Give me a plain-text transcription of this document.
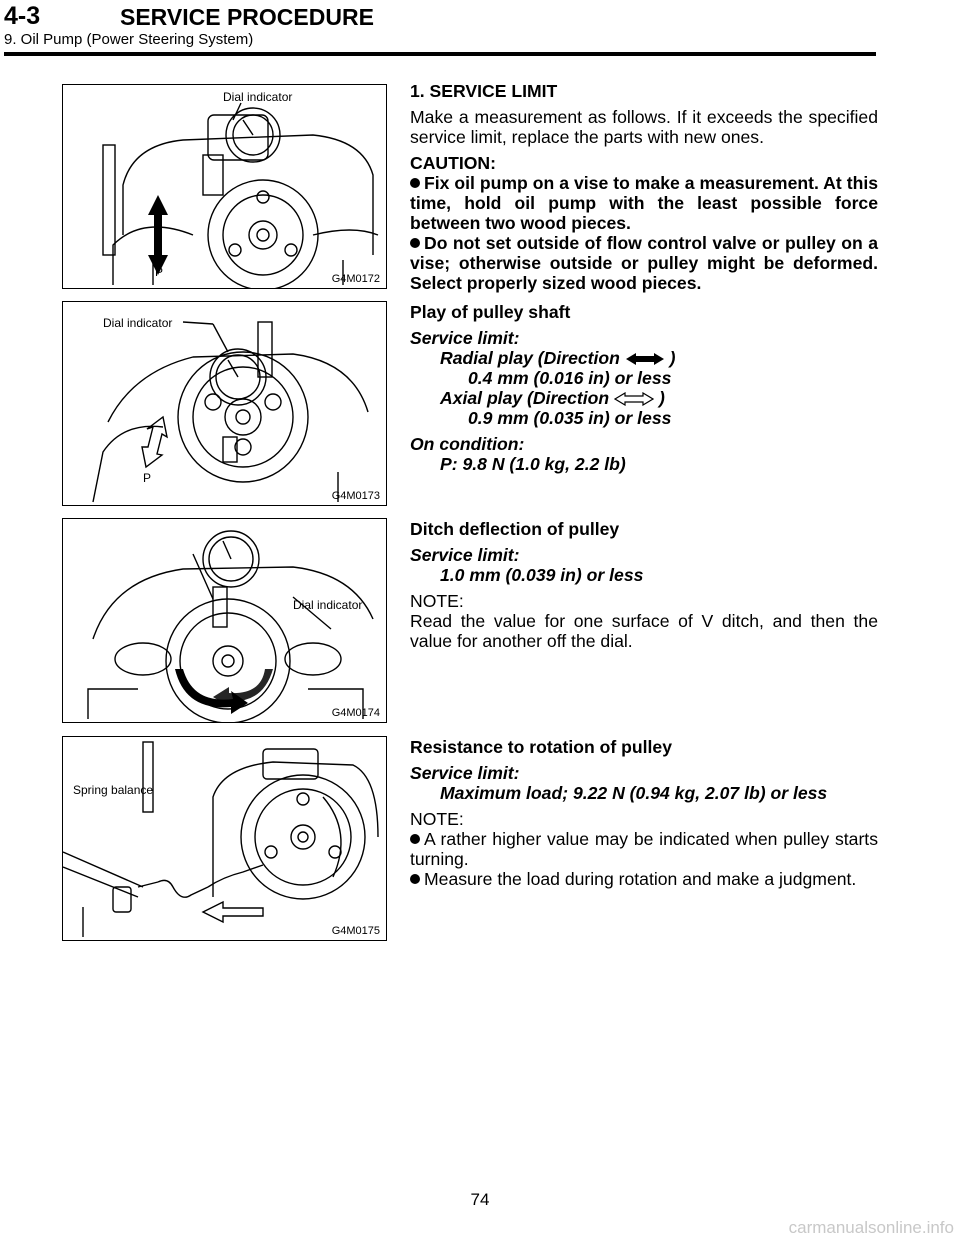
4-3	SERVICE PROCEDURE
9. Oil Pump (Power Steering System)
Dial indicator
P	G4M0172
Dial indicator
P
G4M0173
Dial indicator
G4M0174
Spring balance
G4M0175

1. SERVICE LIMIT

Make a measurement as follows. If it exceeds the specified service limit, replace the parts with new ones.

CAUTION:

Fix oil pump on a vise to make a measurement. At this time, hold oil pump with the least possible force between two wood pieces.

Do not set outside of flow control valve or pulley on a vise; otherwise outside or pulley might be deformed. Select properly sized wood pieces.

Play of pulley shaft

Service limit:

Radial play (Direction	)

0.4 mm (0.016 in) or less

Axial play (Direction	)

0.9 mm (0.035 in) or less

On condition:

P: 9.8 N (1.0 kg, 2.2 lb)

Ditch deflection of pulley

Service limit:

1.0 mm (0.039 in) or less

NOTE:

Read the value for one surface of V ditch, and then the value for another off the dial.

Resistance to rotation of pulley

Service limit:

Maximum load; 9.22 N (0.94 kg, 2.07 lb) or less

NOTE:

A rather higher value may be indicated when pulley starts turning.

Measure the load during rotation and make a judgment.

74
carmanualsonline.info
